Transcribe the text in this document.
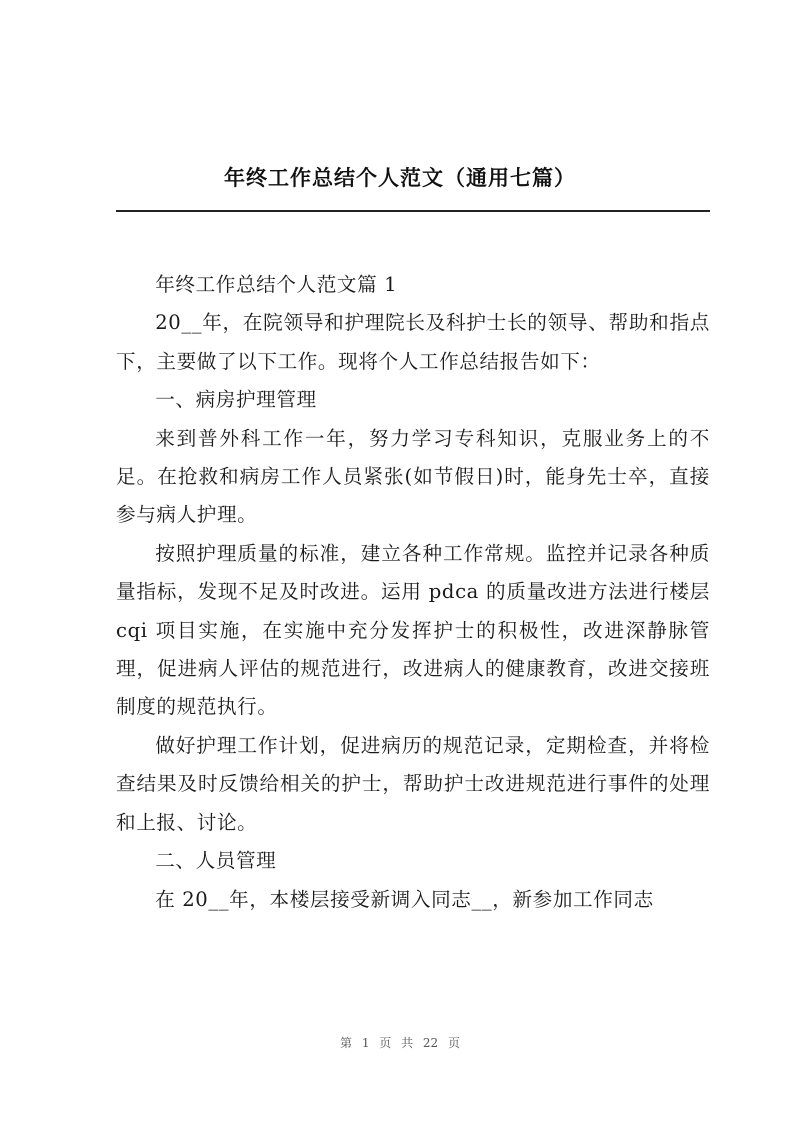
年终工作总结个人范文（通用七篇）

年终工作总结个人范文篇 1

20__年，在院领导和护理院长及科护士长的领导、帮助和指点下，主要做了以下工作。现将个人工作总结报告如下：

一、病房护理管理

来到普外科工作一年，努力学习专科知识，克服业务上的不足。在抢救和病房工作人员紧张(如节假日)时，能身先士卒，直接参与病人护理。

按照护理质量的标准，建立各种工作常规。监控并记录各种质量指标，发现不足及时改进。运用 pdca 的质量改进方法进行楼层 cqi 项目实施，在实施中充分发挥护士的积极性，改进深静脉管理，促进病人评估的规范进行，改进病人的健康教育，改进交接班制度的规范执行。

做好护理工作计划，促进病历的规范记录，定期检查，并将检查结果及时反馈给相关的护士，帮助护士改进规范进行事件的处理和上报、讨论。

二、人员管理

在 20__年，本楼层接受新调入同志__，新参加工作同志

第 1 页 共 22 页
